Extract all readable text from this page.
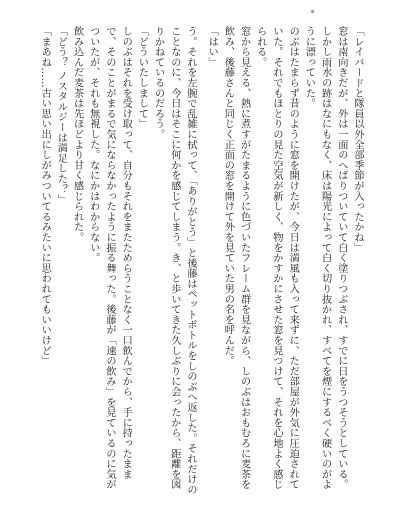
「レイバードと隊員以外全部季節が入ったかね」

窓は南向きだが、外は一面のへばりついていて白く塗りつぶされ、すでに日をうつそうとしている。しかし雨水の跡はなにもなく、床は陽光によって白く切り抜かれ、すべてを煙にするべく硬いのがように漂っていた。

のぶはたまらず昔のように窓を開けたが、今日は満風も入って来ずに、ただ部屋が外気に圧迫されていた。それでもほとりの見た空気が新しく、物をかすかにさせた窓を見つけて、それを心地よく感じられる。

窓から見える、熱に煮すがたまるように色づいたフレーム群を見ながら、しのぶはおもむろに麦茶を飲み、後藤さんと同じく正面の窓を開けて外を見ていた男の名を呼んだ。

「はい」

う。それを左腕で乱雑に拭って、「ありがとう」と後藤はペットボトルをしのぶへ返した。それだけのことなのに、今日はそこに何かを感じてしまう。き、と歩いてきた久しぶりに会ったから、距離を図りかねているのだろう。

「どういたしまして」

しのぶはそれを受け取って、自分もそれをまたためらうことなく一口飲んでから、手に持ったままで、そのことがまるで気にならなかったように振る舞った。後藤が「速の飲み」を見ているのに気がついたが、それも無視した。なにかはわからない。

飲み込んだ麦茶は先ほどより甘く感じられた。

「どう？ ノスタルジーは満足した？」

「まあね……古い思い出にしがみついてるみたいに思われてもいいけど」
